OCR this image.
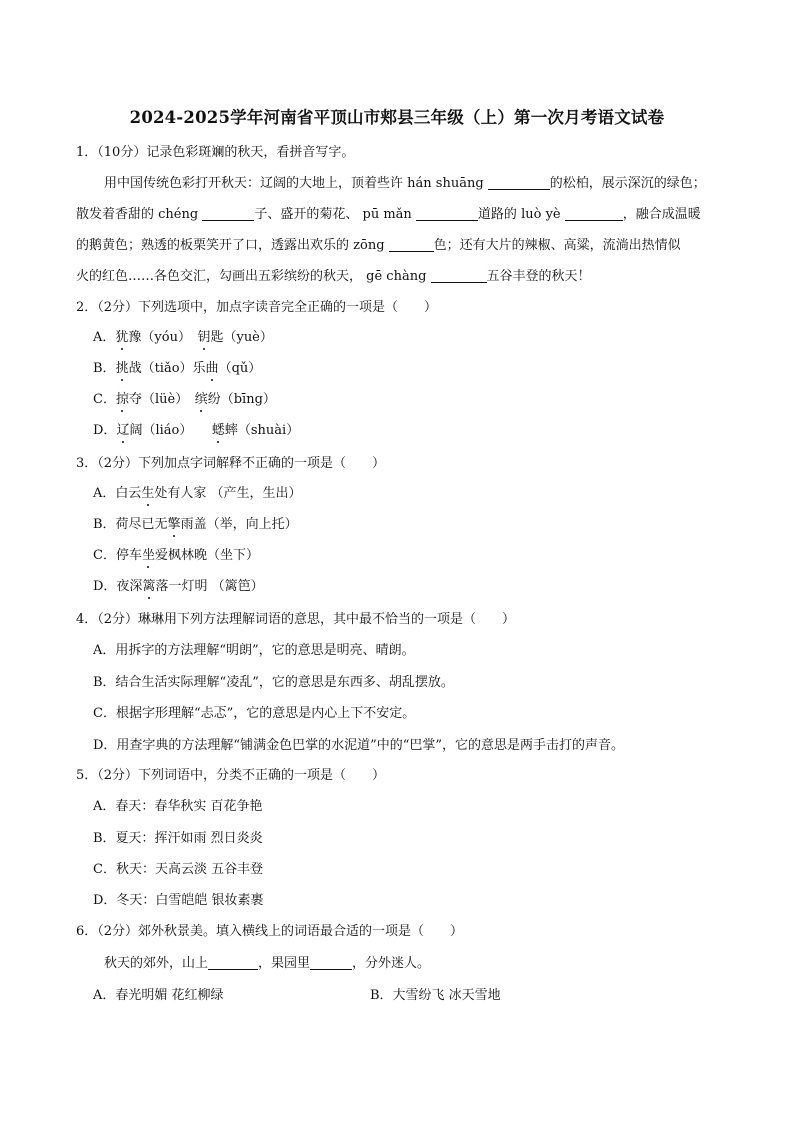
2024-2025学年河南省平顶山市郏县三年级（上）第一次月考语文试卷
1．（10分）记录色彩斑斓的秋天，看拼音写字。
用中国传统色彩打开秋天：辽阔的大地上，顶着些许 hán shuāng	的松柏，展示深沉的绿色；
散发着香甜的 chéng	子、盛开的菊花、 pū mǎn	道路的 luò yè	，融合成温暖
的鹅黄色；熟透的板栗笑开了口，透露出欢乐的 zōng	色；还有大片的辣椒、高粱，流淌出热情似
火的红色……各色交汇，勾画出五彩缤纷的秋天， gē chàng	五谷丰登的秋天！
2．（2分）下列选项中，加点字读音完全正确的一项是（　　）
A．犹豫（yóu）　钥匙（yuè）
B．挑战（tiǎo）乐曲（qǔ）
C．掠夺（lüè）　缤纷（bīng）
D．辽阔（liáo）　　蟋蟀（shuài）
3．（2分）下列加点字词解释不正确的一项是（　　）
A．白云生处有人家 （产生，生出）
B．荷尽已无擎雨盖（举，向上托）
C．停车坐爱枫林晚（坐下）
D．夜深篱落一灯明 （篱笆）
4．（2分）琳琳用下列方法理解词语的意思，其中最不恰当的一项是（　　）
A．用拆字的方法理解“明朗”，它的意思是明亮、晴朗。
B．结合生活实际理解“凌乱”，它的意思是东西多、胡乱摆放。
C．根据字形理解“忐忑”，它的意思是内心上下不安定。
D．用查字典的方法理解“铺满金色巴掌的水泥道”中的“巴掌”，它的意思是两手击打的声音。
5．（2分）下列词语中，分类不正确的一项是（　　）
A．春天：春华秋实 百花争艳
B．夏天：挥汗如雨 烈日炎炎
C．秋天：天高云淡 五谷丰登
D．冬天：白雪皑皑 银妆素裹
6．（2分）郊外秋景美。填入横线上的词语最合适的一项是（　　）
秋天的郊外，山上	，果园里	，分外迷人。
A．春光明媚 花红柳绿	B．大雪纷飞 冰天雪地
